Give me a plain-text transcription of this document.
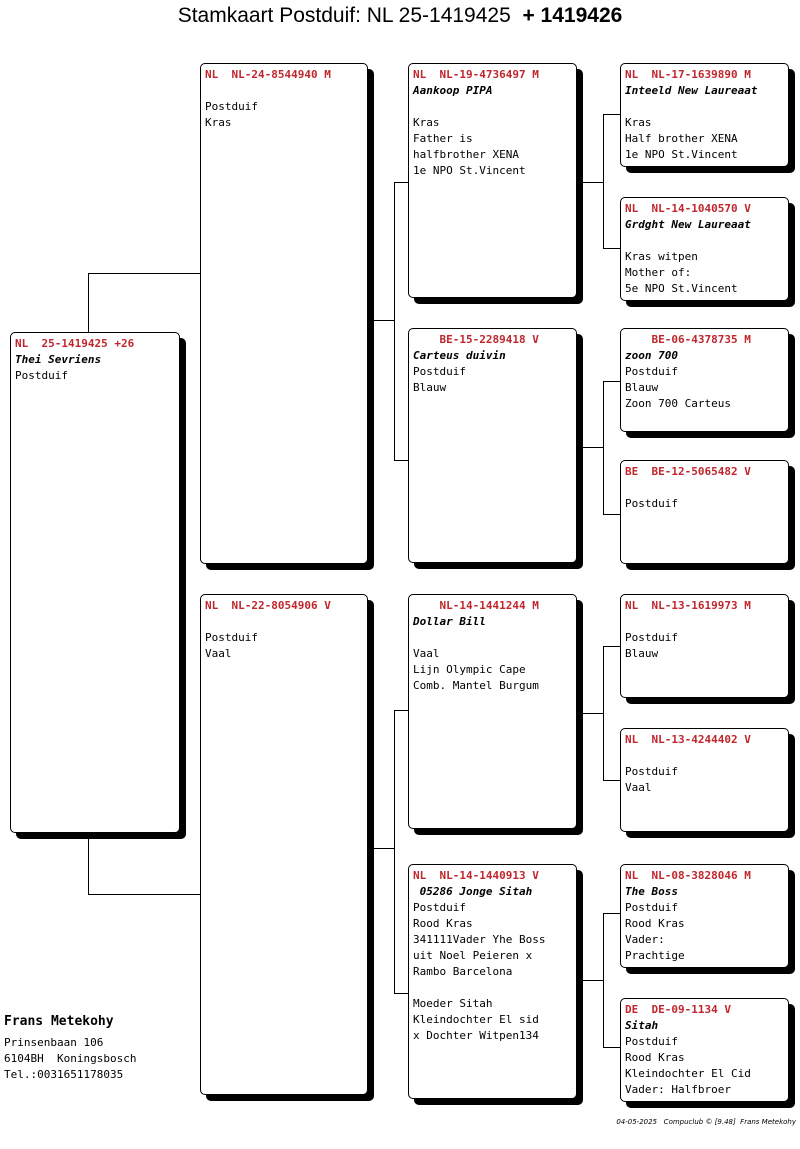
Stamkaart Postduif: NL 25-1419425 + 1419426
NL  25-1419425 +26
Thei Sevriens
Postduif
NL  NL-24-8544940 M
Postduif
Kras
NL  NL-22-8054906 V
Postduif
Vaal
NL  NL-19-4736497 M
Aankoop PIPA
Kras
Father is
halfbrother XENA
1e NPO St.Vincent
BE-15-2289418 V
Carteus duivin
Postduif
Blauw
NL-14-1441244 M
Dollar Bill
Vaal
Lijn Olympic Cape
Comb. Mantel Burgum
NL  NL-14-1440913 V
05286 Jonge Sitah
Postduif
Rood Kras
341111Vader Yhe Boss
uit Noel Peieren x
Rambo Barcelona
Moeder Sitah
Kleindochter El sid
x Dochter Witpen134
NL  NL-17-1639890 M
Inteeld New Laureaat
Kras
Half brother XENA
1e NPO St.Vincent
NL  NL-14-1040570 V
Grdght New Laureaat
Kras witpen
Mother of:
5e NPO St.Vincent
BE-06-4378735 M
zoon 700
Postduif
Blauw
Zoon 700 Carteus
BE  BE-12-5065482 V
Postduif
NL  NL-13-1619973 M
Postduif
Blauw
NL  NL-13-4244402 V
Postduif
Vaal
NL  NL-08-3828046 M
The Boss
Postduif
Rood Kras
Vader:
Prachtige
DE  DE-09-1134 V
Sitah
Postduif
Rood Kras
Kleindochter El Cid
Vader: Halfbroer
Frans Metekohy
Prinsenbaan 106
6104BH  Koningsbosch
Tel.:0031651178035
04-05-2025   Compuclub © [9.48]  Frans Metekohy
